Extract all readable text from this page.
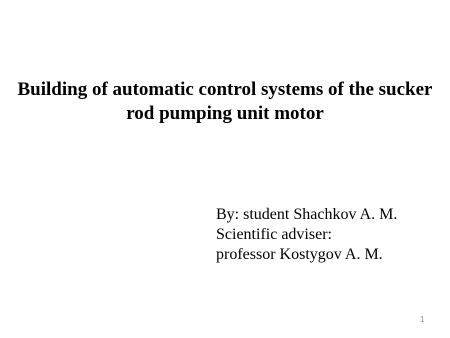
Building of automatic control systems of the sucker
rod pumping unit motor
By: student Shachkov A. M.
Scientific adviser:
professor Kostygov A. M.
1
